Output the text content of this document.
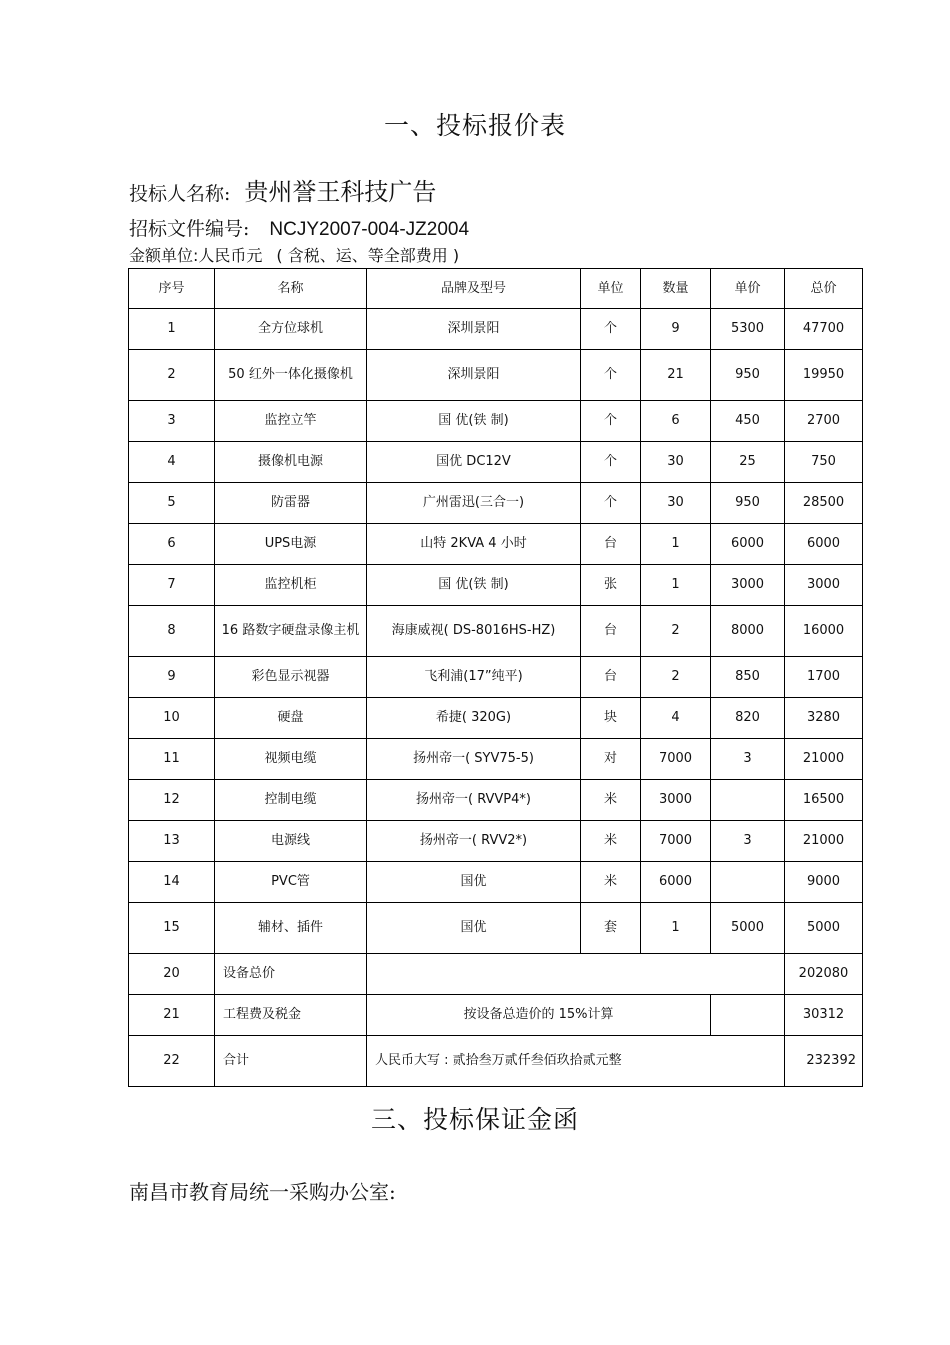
一、投标报价表
投标人名称: 贵州誉王科技广告
招标文件编号: NCJY2007-004-JZ2004
金额单位:人民币元 ( 含税、运、等全部费用 )
序号	名称	品牌及型号	单位	数量	单价	总价
1	全方位球机	深圳景阳	个	9	5300	47700
2	50 红外一体化摄像机	深圳景阳	个	21	950	19950
3	监控立竿	国 优(铁 制)	个	6	450	2700
4	摄像机电源	国优 DC12V	个	30	25	750
5	防雷器	广州雷迅(三合一)	个	30	950	28500
6	UPS电源	山特 2KVA 4 小时	台	1	6000	6000
7	监控机柜	国 优(铁 制)	张	1	3000	3000
8	16 路数字硬盘录像主机	海康威视( DS-8016HS-HZ)	台	2	8000	16000
9	彩色显示视器	飞利浦(17”纯平)	台	2	850	1700
10	硬盘	希捷( 320G)	块	4	820	3280
11	视频电缆	扬州帝一( SYV75-5)	对	7000	3	21000
12	控制电缆	扬州帝一( RVVP4*)	米	3000		16500
13	电源线	扬州帝一( RVV2*)	米	7000	3	21000
14	PVC管	国优	米	6000		9000
15	辅材、插件	国优	套	1	5000	5000
20	设备总价					202080
21	工程费及税金	按设备总造价的 15%计算				30312
22	合计	人民币大写 : 贰拾叁万贰仟叁佰玖拾贰元整				232392
三、投标保证金函
南昌市教育局统一采购办公室:
